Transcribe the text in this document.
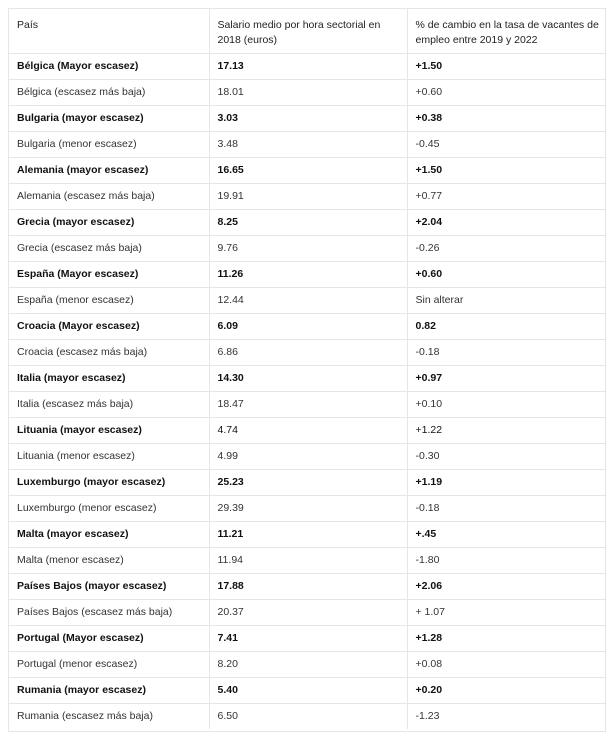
País	Salario medio por hora sectorial en 2018 (euros)	% de cambio en la tasa de vacantes de empleo entre 2019 y 2022
Bélgica (Mayor escasez)	17.13	+1.50
Bélgica (escasez más baja)	18.01	+0.60
Bulgaria (mayor escasez)	3.03	+0.38
Bulgaria (menor escasez)	3.48	-0.45
Alemania (mayor escasez)	16.65	+1.50
Alemania (escasez más baja)	19.91	+0.77
Grecia (mayor escasez)	8.25	+2.04
Grecia (escasez más baja)	9.76	-0.26
España (Mayor escasez)	11.26	+0.60
España (menor escasez)	12.44	Sin alterar
Croacia (Mayor escasez)	6.09	0.82
Croacia (escasez más baja)	6.86	-0.18
Italia (mayor escasez)	14.30	+0.97
Italia (escasez más baja)	18.47	+0.10
Lituania (mayor escasez)	4.74	+1.22
Lituania (menor escasez)	4.99	-0.30
Luxemburgo (mayor escasez)	25.23	+1.19
Luxemburgo (menor escasez)	29.39	-0.18
Malta (mayor escasez)	11.21	+.45
Malta (menor escasez)	11.94	-1.80
Países Bajos (mayor escasez)	17.88	+2.06
Países Bajos (escasez más baja)	20.37	+ 1.07
Portugal (Mayor escasez)	7.41	+1.28
Portugal (menor escasez)	8.20	+0.08
Rumania (mayor escasez)	5.40	+0.20
Rumania (escasez más baja)	6.50	-1.23
